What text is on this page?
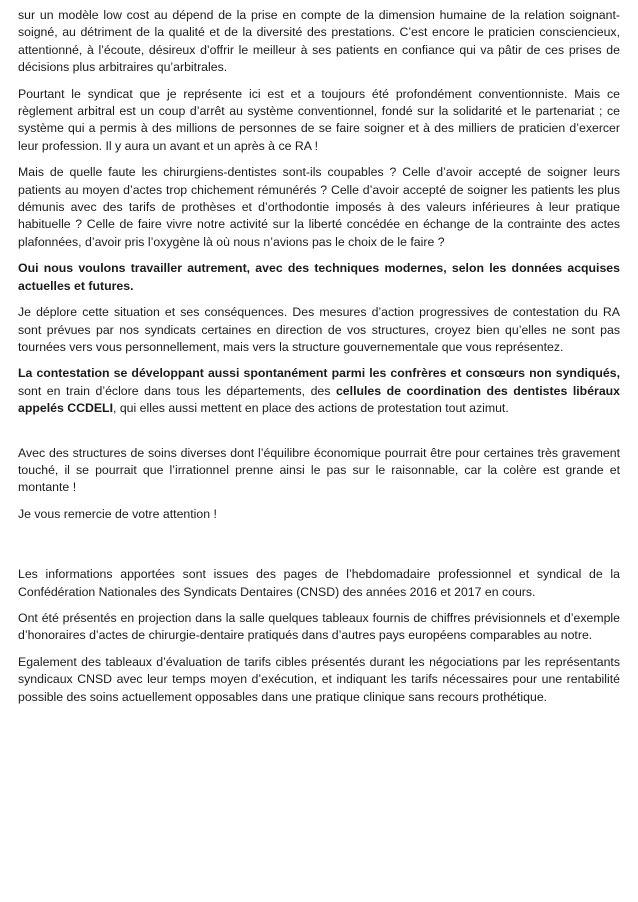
sur un modèle low cost au dépend de la prise en compte de la dimension humaine de la relation soignant-soigné, au détriment de la qualité et de la diversité des prestations. C’est encore le praticien consciencieux, attentionné, à l’écoute, désireux d’offrir le meilleur à ses patients en confiance qui va pâtir de ces prises de décisions plus arbitraires qu’arbitrales.

Pourtant le syndicat que je représente ici est et a toujours été profondément conventionniste. Mais ce règlement arbitral est un coup d’arrêt au système conventionnel, fondé sur la solidarité et le partenariat ; ce système qui a permis à des millions de personnes de se faire soigner et à des milliers de praticien d’exercer leur profession. Il y aura un avant et un après à ce RA !

Mais de quelle faute les chirurgiens-dentistes sont-ils coupables ? Celle d’avoir accepté de soigner leurs patients au moyen d’actes trop chichement rémunérés ? Celle d’avoir accepté de soigner les patients les plus démunis avec des tarifs de prothèses et d’orthodontie imposés à des valeurs inférieures à leur pratique habituelle ? Celle de faire vivre notre activité sur la liberté concédée en échange de la contrainte des actes plafonnées, d’avoir pris l’oxygène là où nous n’avions pas le choix de le faire ?

Oui nous voulons travailler autrement, avec des techniques modernes, selon les données acquises actuelles et futures.

Je déplore cette situation et ses conséquences. Des mesures d’action progressives de contestation du RA sont prévues par nos syndicats certaines en direction de vos structures, croyez bien qu’elles ne sont pas tournées vers vous personnellement, mais vers la structure gouvernementale que vous représentez.

La contestation se développant aussi spontanément parmi les confrères et consœurs non syndiqués, sont en train d’éclore dans tous les départements, des cellules de coordination des dentistes libéraux appelés CCDELI, qui elles aussi mettent en place des actions de protestation tout azimut.

Avec des structures de soins diverses dont l’équilibre économique pourrait être pour certaines très gravement touché, il se pourrait que l’irrationnel prenne ainsi le pas sur le raisonnable, car la colère est grande et montante !

Je vous remercie de votre attention !

Les informations apportées sont issues des pages de l’hebdomadaire professionnel et syndical de la Confédération Nationales des Syndicats Dentaires (CNSD) des années 2016 et 2017 en cours.

Ont été présentés en projection dans la salle quelques tableaux fournis de chiffres prévisionnels et d’exemple d’honoraires d’actes de chirurgie-dentaire pratiqués dans d’autres pays européens comparables au notre.

Egalement des tableaux d’évaluation de tarifs cibles présentés durant les négociations par les représentants syndicaux CNSD avec leur temps moyen d’exécution, et indiquant les tarifs nécessaires pour une rentabilité possible des soins actuellement opposables dans une pratique clinique sans recours prothétique.
